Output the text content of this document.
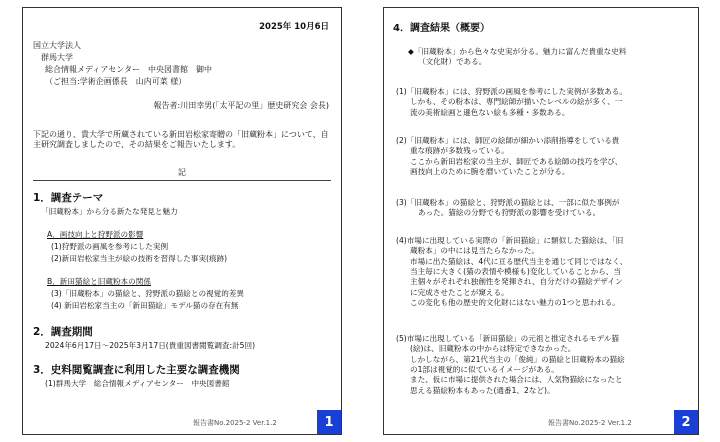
2025年 10月6日
国立大学法人
群馬大学
総合情報メディアセンター　中央図書館　御中
（ご担当:学術企画係長　山内可菜 様）
報告者:川田幸男(「太平記の里」歴史研究会 会長)
下記の通り、貴大学で所蔵されている新田岩松家寄贈の「旧蔵粉本」について、自主研究調査しましたので、その結果をご報告いたします。
記
1．調査テーマ
「旧蔵粉本」から分る新たな発見と魅力
A．画技向上と狩野派の影響
(1)狩野派の画風を参考にした実例
(2)新田岩松家当主が絵の技術を習得した事実(痕跡)
B．新田猫絵と旧蔵粉本の関係
(3)「旧蔵粉本」の猫絵と、狩野派の猫絵との視覚的差異
(4) 新田岩松家当主の「新田猫絵」モデル猫の存在有無
2．調査期間
2024年6月17日〜2025年3月17日(貴重図書閲覧調査:計5回)
3．史料閲覧調査に利用した主要な調査機関
(1)群馬大学　総合情報メディアセンター　中央図書館
報告書No.2025-2 Ver.1.2	1
4．調査結果（概要）
◆「旧蔵粉本」から色々な史実が分る。魅力に富んだ貴重な史料
（文化財）である。
(1)「旧蔵粉本」には、狩野派の画風を参考にした実例が多数ある。
しかも、その粉本は、専門絵師が描いたレベルの絵が多く、一
流の美術絵画と遜色ない絵も多種・多数ある。
(2)「旧蔵粉本」には、師匠の絵師が細かい添削指導をしている貴
重な痕跡が多数残っている。
ここから新田岩松家の当主が、師匠である絵師の技巧を学び、
画技向上のために腕を磨いていたことが分る。
(3)「旧蔵粉本」の猫絵と、狩野派の猫絵とは、一部に似た事例が
あった。猫絵の分野でも狩野派の影響を受けている。
(4)市場に出現している実際の「新田猫絵」に類似した猫絵は、「旧
蔵粉本」の中には見当たらなかった。
市場に出た猫絵は、4代に亘る歴代当主を通じて同じではなく、
当主毎に大きく(猫の表情や模様も)変化していることから、当
主個々がそれぞれ独創性を発揮され、自分だけの猫絵デザイン
に完成させたことが窺える。
この変化も他の歴史的文化財にはない魅力の1つと思われる。
(5)市場に出現している「新田猫絵」の元祖と推定されるモデル猫
(絵)は、旧蔵粉本の中からは特定できなかった。
しかしながら、第21代当主の「俊純」の猫絵と旧蔵粉本の猫絵
の1部は視覚的に似ているイメージがある。
また、仮に市場に提供された場合には、人気物猫絵になったと
思える猫絵粉本もあった(通番1、2など)。
報告書No.2025-2 Ver.1.2	2
